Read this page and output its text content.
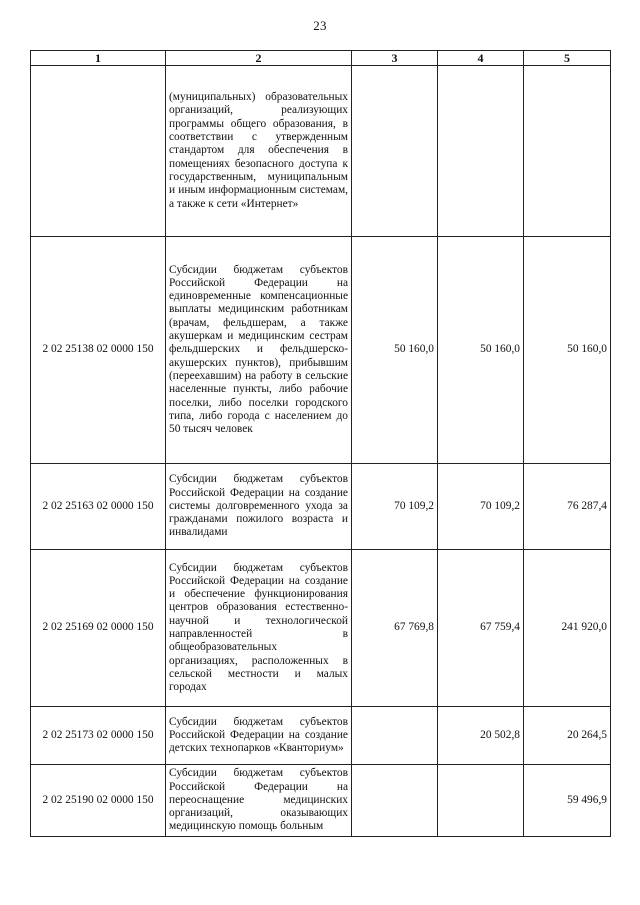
23
1	2	3	4	5
	(муниципальных) образовательных организаций, реализующих программы общего образования, в соответствии с утвержденным стандартом для обеспечения в помещениях безопасного доступа к государственным, муниципальным и иным информационным системам, а также к сети «Интернет»			
2 02 25138 02 0000 150	Субсидии бюджетам субъектов Российской Федерации на единовременные компенсационные выплаты медицинским работникам (врачам, фельдшерам, а также акушеркам и медицинским сестрам фельдшерских и фельдшерско-акушерских пунктов), прибывшим (переехавшим) на работу в сельские населенные пункты, либо рабочие поселки, либо поселки городского типа, либо города с населением до 50 тысяч человек	50 160,0	50 160,0	50 160,0
2 02 25163 02 0000 150	Субсидии бюджетам субъектов Российской Федерации на создание системы долговременного ухода за гражданами пожилого возраста и инвалидами	70 109,2	70 109,2	76 287,4
2 02 25169 02 0000 150	Субсидии бюджетам субъектов Российской Федерации на создание и обеспечение функционирования центров образования естественно-научной и технологической направленностей в общеобразовательных организациях, расположенных в сельской местности и малых городах	67 769,8	67 759,4	241 920,0
2 02 25173 02 0000 150	Субсидии бюджетам субъектов Российской Федерации на создание детских технопарков «Кванториум»		20 502,8	20 264,5
2 02 25190 02 0000 150	Субсидии бюджетам субъектов Российской Федерации на переоснащение медицинских организаций, оказывающих медицинскую помощь больным			59 496,9
